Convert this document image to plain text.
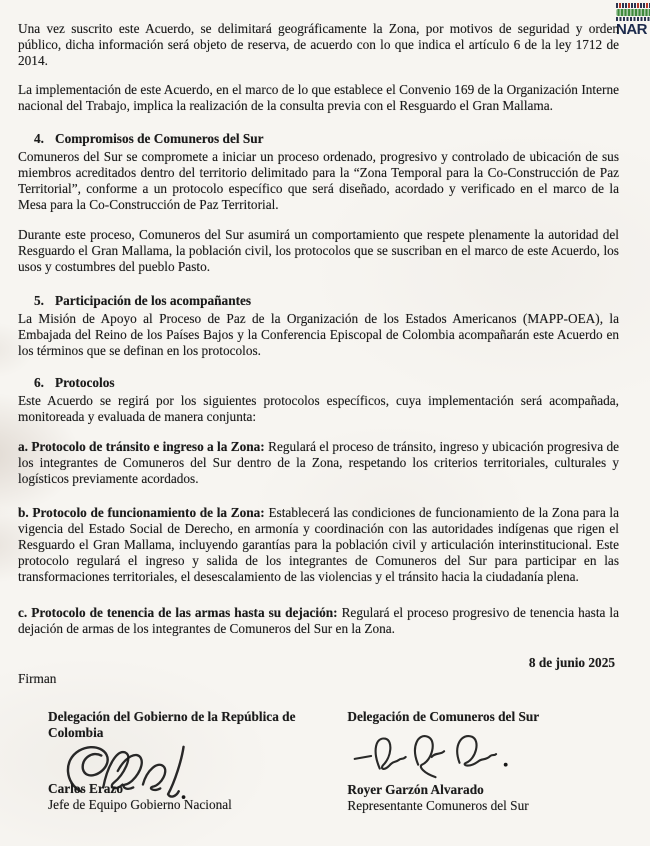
NAR

Una vez suscrito este Acuerdo, se delimitará geográficamente la Zona, por motivos de seguridad y orden público, dicha información será objeto de reserva, de acuerdo con lo que indica el artículo 6 de la ley 1712 de 2014.

La implementación de este Acuerdo, en el marco de lo que establece el Convenio 169 de la Organización Interne nacional del Trabajo, implica la realización de la consulta previa con el Resguardo el Gran Mallama.

4. Compromisos de Comuneros del Sur

Comuneros del Sur se compromete a iniciar un proceso ordenado, progresivo y controlado de ubicación de sus miembros acreditados dentro del territorio delimitado para la “Zona Temporal para la Co-Construcción de Paz Territorial”, conforme a un protocolo específico que será diseñado, acordado y verificado en el marco de la Mesa para la Co-Construcción de Paz Territorial.

Durante este proceso, Comuneros del Sur asumirá un comportamiento que respete plenamente la autoridad del Resguardo el Gran Mallama, la población civil, los protocolos que se suscriban en el marco de este Acuerdo, los usos y costumbres del pueblo Pasto.

5. Participación de los acompañantes

La Misión de Apoyo al Proceso de Paz de la Organización de los Estados Americanos (MAPP-OEA), la Embajada del Reino de los Países Bajos y la Conferencia Episcopal de Colombia acompañarán este Acuerdo en los términos que se definan en los protocolos.

6. Protocolos

Este Acuerdo se regirá por los siguientes protocolos específicos, cuya implementación será acompañada, monitoreada y evaluada de manera conjunta:

a. Protocolo de tránsito e ingreso a la Zona: Regulará el proceso de tránsito, ingreso y ubicación progresiva de los integrantes de Comuneros del Sur dentro de la Zona, respetando los criterios territoriales, culturales y logísticos previamente acordados.

b. Protocolo de funcionamiento de la Zona: Establecerá las condiciones de funcionamiento de la Zona para la vigencia del Estado Social de Derecho, en armonía y coordinación con las autoridades indígenas que rigen el Resguardo el Gran Mallama, incluyendo garantías para la población civil y articulación interinstitucional. Este protocolo regulará el ingreso y salida de los integrantes de Comuneros del Sur para participar en las transformaciones territoriales, el desescalamiento de las violencias y el tránsito hacia la ciudadanía plena.

c. Protocolo de tenencia de las armas hasta su dejación: Regulará el proceso progresivo de tenencia hasta la dejación de armas de los integrantes de Comuneros del Sur en la Zona.

8 de junio 2025

Firman

Delegación del Gobierno de la República de Colombia

Carlos Erazo

Jefe de Equipo Gobierno Nacional

Delegación de Comuneros del Sur

Royer Garzón Alvarado

Representante Comuneros del Sur
